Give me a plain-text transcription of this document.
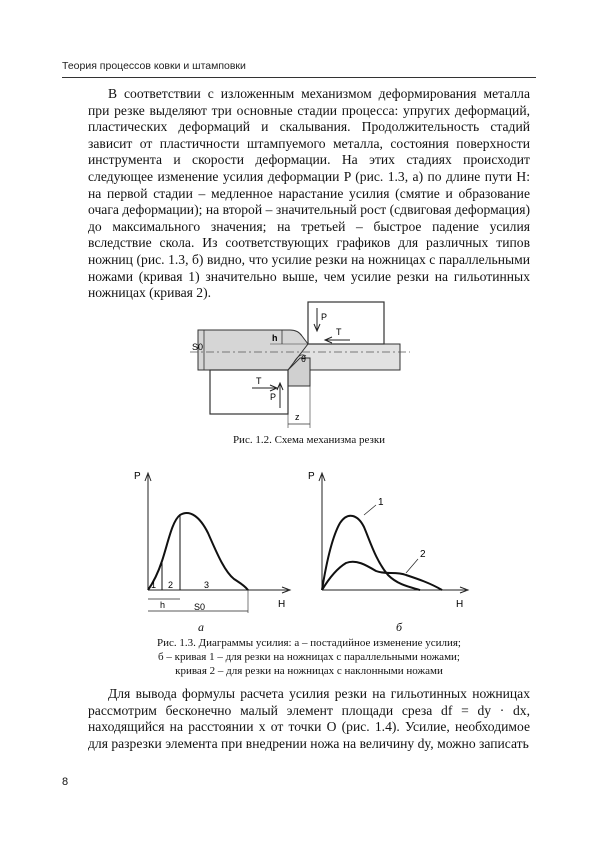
Теория процессов ковки и штамповки

В соответствии с изложенным механизмом деформирования металла при резке выделяют три основные стадии процесса: упругих деформаций, пластических деформаций и скалывания. Продолжительность стадий зависит от пластичности штампуемого металла, состояния поверхности инструмента и скорости деформации. На этих стадиях происходит следующее изменение усилия деформации P (рис. 1.3, а) по длине пути H: на первой стадии – медленное нарастание усилия (смятие и образование очага деформации); на второй – значительный рост (сдвиговая деформация) до максимального значения; на третьей – быстрое падение усилия вследствие скола. Из соответствующих графиков для различных типов ножниц (рис. 1.3, б) видно, что усилие резки на ножницах с параллельными ножами (кривая 1) значительно выше, чем усилие резки на гильотинных ножницах (кривая 2).

S0
h
P
T
θ
T
P
z
Рис. 1.2. Схема механизма резки
P
H
1 2	3
h	S0
P
H
1
2
а	б
Рис. 1.3. Диаграммы усилия: а – постадийное изменение усилия;
б – кривая 1 – для резки на ножницах с параллельными ножами;
кривая 2 – для резки на ножницах с наклонными ножами

Для вывода формулы расчета усилия резки на гильотинных ножницах рассмотрим бесконечно малый элемент площади среза df = dy · dx, находящийся на расстоянии x от точки O (рис. 1.4). Усилие, необходимое для разрезки элемента при внедрении ножа на величину dy, можно записать

8
